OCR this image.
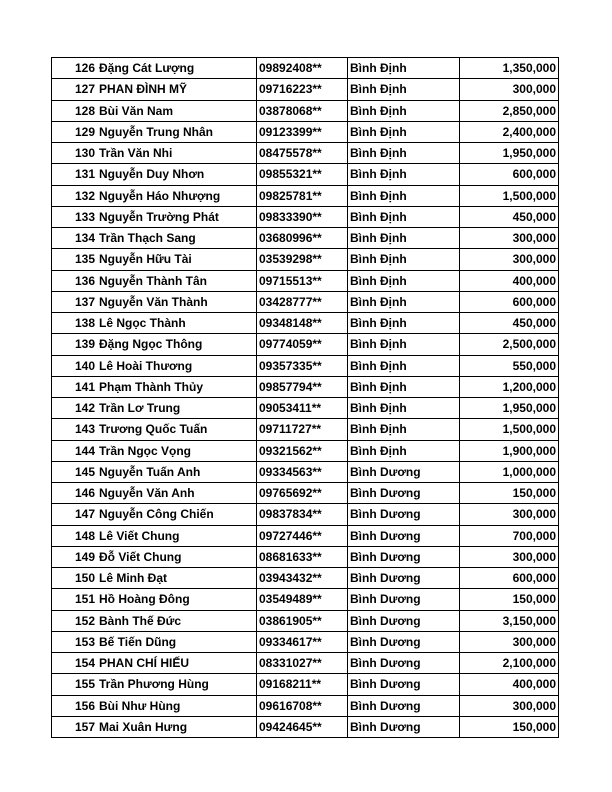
126	Đặng Cát Lượng	09892408**	Bình Định	1,350,000
127	PHAN ĐÌNH MỸ	09716223**	Bình Định	300,000
128	Bùi Văn Nam	03878068**	Bình Định	2,850,000
129	Nguyễn Trung Nhân	09123399**	Bình Định	2,400,000
130	Trần Văn Nhi	08475578**	Bình Định	1,950,000
131	Nguyễn Duy Nhơn	09855321**	Bình Định	600,000
132	Nguyễn Háo Nhượng	09825781**	Bình Định	1,500,000
133	Nguyễn Trường Phát	09833390**	Bình Định	450,000
134	Trần Thạch Sang	03680996**	Bình Định	300,000
135	Nguyễn Hữu Tài	03539298**	Bình Định	300,000
136	Nguyễn Thành Tân	09715513**	Bình Định	400,000
137	Nguyễn Văn Thành	03428777**	Bình Định	600,000
138	Lê Ngọc Thành	09348148**	Bình Định	450,000
139	Đặng Ngọc Thông	09774059**	Bình Định	2,500,000
140	Lê Hoài Thương	09357335**	Bình Định	550,000
141	Phạm Thành Thủy	09857794**	Bình Định	1,200,000
142	Trần Lơ Trung	09053411**	Bình Định	1,950,000
143	Trương Quốc Tuấn	09711727**	Bình Định	1,500,000
144	Trần Ngọc Vọng	09321562**	Bình Định	1,900,000
145	Nguyễn Tuấn Anh	09334563**	Bình Dương	1,000,000
146	Nguyễn Văn Anh	09765692**	Bình Dương	150,000
147	Nguyễn Công Chiến	09837834**	Bình Dương	300,000
148	Lê Viết Chung	09727446**	Bình Dương	700,000
149	Đỗ Viết Chung	08681633**	Bình Dương	300,000
150	Lê Minh Đạt	03943432**	Bình Dương	600,000
151	Hồ Hoàng Đông	03549489**	Bình Dương	150,000
152	Bành Thế Đức	03861905**	Bình Dương	3,150,000
153	Bế Tiến Dũng	09334617**	Bình Dương	300,000
154	PHAN CHÍ HIẾU	08331027**	Bình Dương	2,100,000
155	Trần Phương Hùng	09168211**	Bình Dương	400,000
156	Bùi Như Hùng	09616708**	Bình Dương	300,000
157	Mai Xuân Hưng	09424645**	Bình Dương	150,000
